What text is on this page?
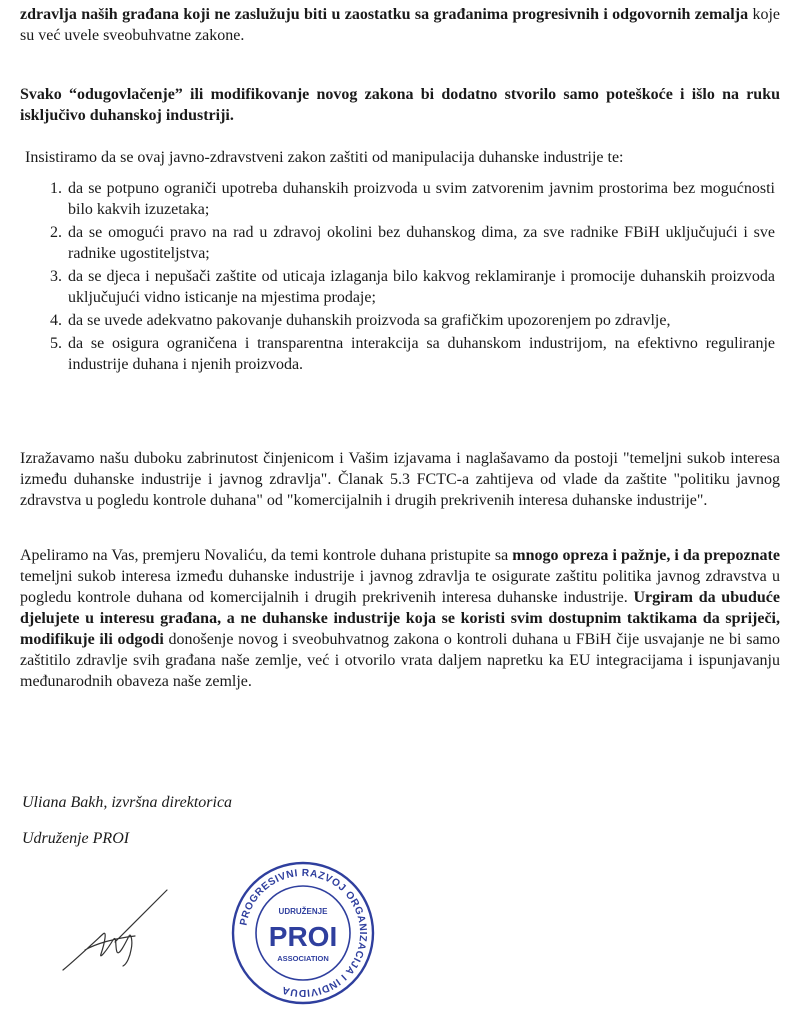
zdravlja naših građana koji ne zaslužuju biti u zaostatku sa građanima progresivnih i odgovornih zemalja koje su već uvele sveobuhvatne zakone.

Svako “odugovlačenje” ili modifikovanje novog zakona bi dodatno stvorilo samo poteškoće i išlo na ruku isključivo duhanskoj industriji.

Insistiramo da se ovaj javno-zdravstveni zakon zaštiti od manipulacija duhanske industrije te:

1. da se potpuno ograniči upotreba duhanskih proizvoda u svim zatvorenim javnim prostorima bez mogućnosti bilo kakvih izuzetaka;
2. da se omogući pravo na rad u zdravoj okolini bez duhanskog dima, za sve radnike FBiH uključujući i sve radnike ugostiteljstva;
3. da se djeca i nepušači zaštite od uticaja izlaganja bilo kakvog reklamiranje i promocije duhanskih proizvoda uključujući vidno isticanje na mjestima prodaje;
4. da se uvede adekvatno pakovanje duhanskih proizvoda sa grafičkim upozorenjem po zdravlje,
5. da se osigura ograničena i transparentna interakcija sa duhanskom industrijom, na efektivno reguliranje industrije duhana i njenih proizvoda.

Izražavamo našu duboku zabrinutost činjenicom i Vašim izjavama i naglašavamo da postoji "temeljni sukob interesa između duhanske industrije i javnog zdravlja". Članak 5.3 FCTC-a zahtijeva od vlade da zaštite "politiku javnog zdravstva u pogledu kontrole duhana" od "komercijalnih i drugih prekrivenih interesa duhanske industrije".

Apeliramo na Vas, premjeru Novaliću, da temi kontrole duhana pristupite sa mnogo opreza i pažnje, i da prepoznate temeljni sukob interesa između duhanske industrije i javnog zdravlja te osigurate zaštitu politika javnog zdravstva u pogledu kontrole duhana od komercijalnih i drugih prekrivenih interesa duhanske industrije. Urgiram da ubuduće djelujete u interesu građana, a ne duhanske industrije koja se koristi svim dostupnim taktikama da spriječi, modifikuje ili odgodi donošenje novog i sveobuhvatnog zakona o kontroli duhana u FBiH čije usvajanje ne bi samo zaštitilo zdravlje svih građana naše zemlje, već i otvorilo vrata daljem napretku ka EU integracijama i ispunjavanju međunarodnih obaveza naše zemlje.

Uliana Bakh, izvršna direktorica

Udruženje PROI

PROGRESIVNI RAZVOJ ORGANIZACIJA I INDIVIDUA
UDRUŽENJE
PROI
ASSOCIATION
